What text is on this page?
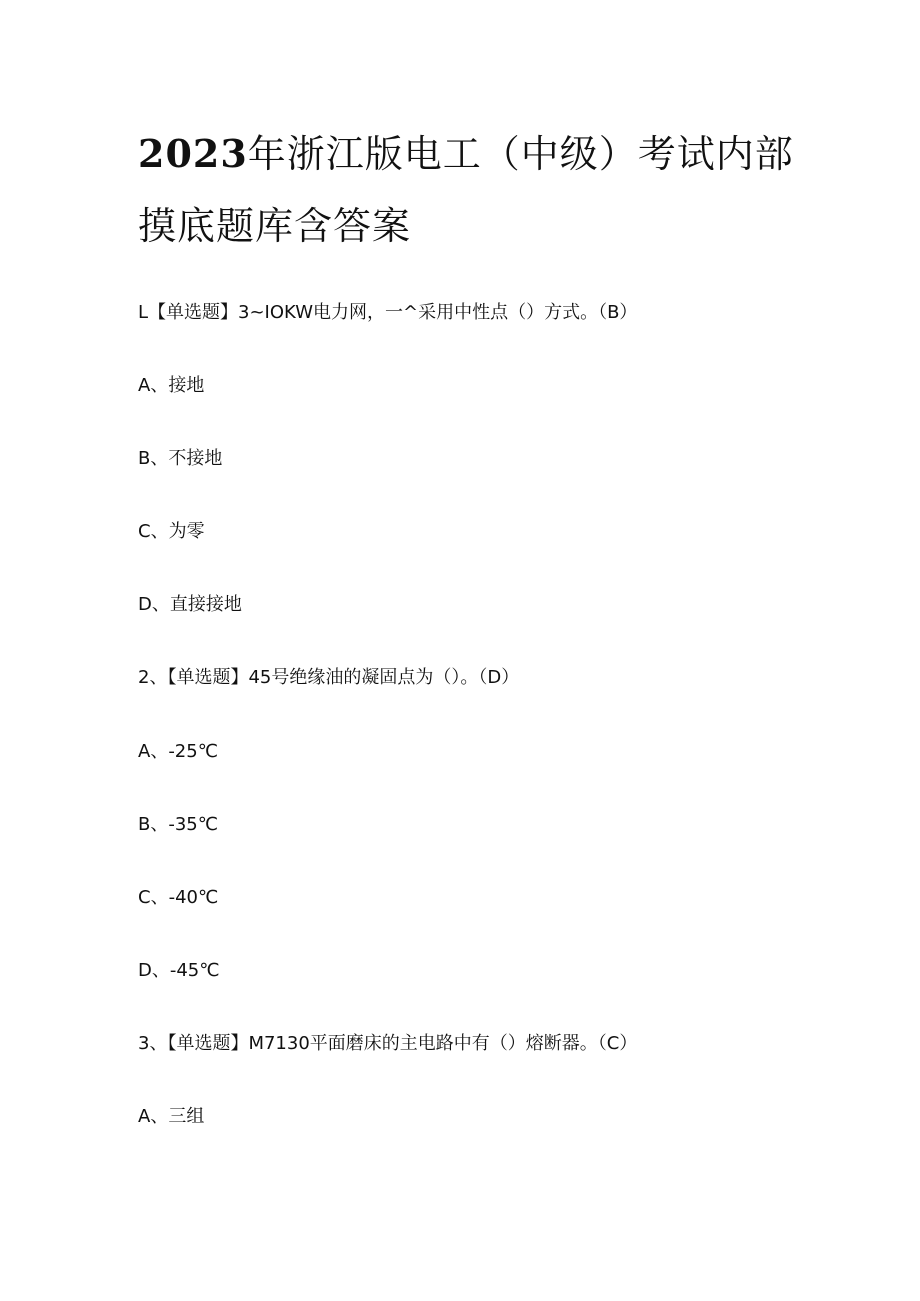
2023年浙江版电工（中级）考试内部摸底题库含答案

L【单选题】3~IOKW电力网，一^采用中性点（）方式。（B）

A、接地

B、不接地

C、为零

D、直接接地

2、【单选题】45号绝缘油的凝固点为（）。（D）

A、-25℃

B、-35℃

C、-40℃

D、-45℃

3、【单选题】M7130平面磨床的主电路中有（）熔断器。（C）

A、三组
